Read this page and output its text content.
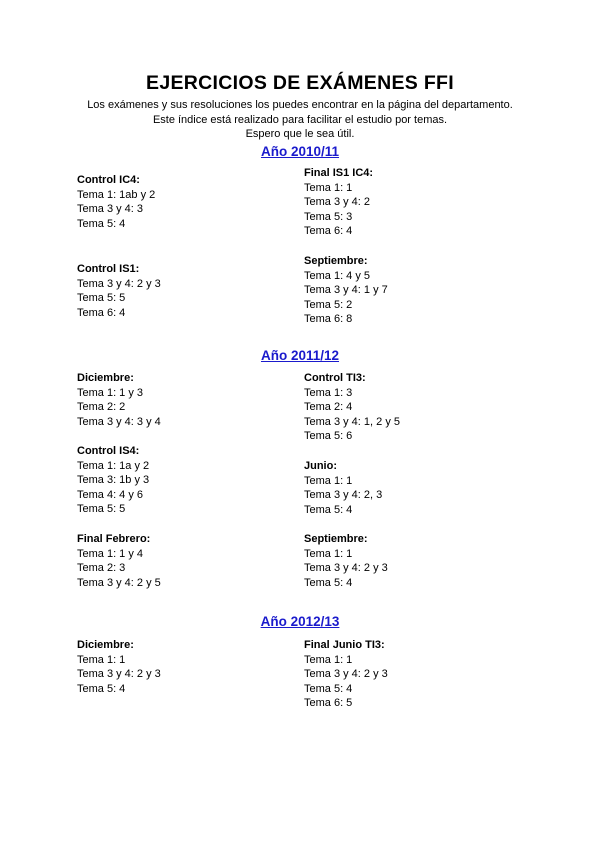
EJERCICIOS DE EXÁMENES FFI
Los exámenes y sus resoluciones los puedes encontrar en la página del departamento.
Este índice está realizado para facilitar el estudio por temas.
Espero que le sea útil.
Año 2010/11
Control IC4:
Tema 1: 1ab y 2
Tema 3 y 4: 3
Tema 5: 4
Final IS1 IC4:
Tema 1: 1
Tema 3 y 4: 2
Tema 5: 3
Tema 6: 4
Control IS1:
Tema 3 y 4: 2 y 3
Tema 5: 5
Tema 6: 4
Septiembre:
Tema 1: 4 y 5
Tema 3 y 4: 1 y 7
Tema 5: 2
Tema 6: 8
Año 2011/12
Diciembre:
Tema 1: 1 y 3
Tema 2: 2
Tema 3 y 4: 3 y 4
Control TI3:
Tema 1: 3
Tema 2: 4
Tema 3 y 4: 1, 2 y 5
Tema 5: 6
Control IS4:
Tema 1: 1a y 2
Tema 3: 1b y 3
Tema 4: 4 y 6
Tema 5: 5
Junio:
Tema 1: 1
Tema 3 y 4: 2, 3
Tema 5: 4
Final Febrero:
Tema 1: 1 y 4
Tema 2: 3
Tema 3 y 4: 2 y 5
Septiembre:
Tema 1: 1
Tema 3 y 4: 2 y 3
Tema 5: 4
Año 2012/13
Diciembre:
Tema 1: 1
Tema 3 y 4: 2 y 3
Tema 5: 4
Final Junio TI3:
Tema 1: 1
Tema 3 y 4: 2 y 3
Tema 5: 4
Tema 6: 5
